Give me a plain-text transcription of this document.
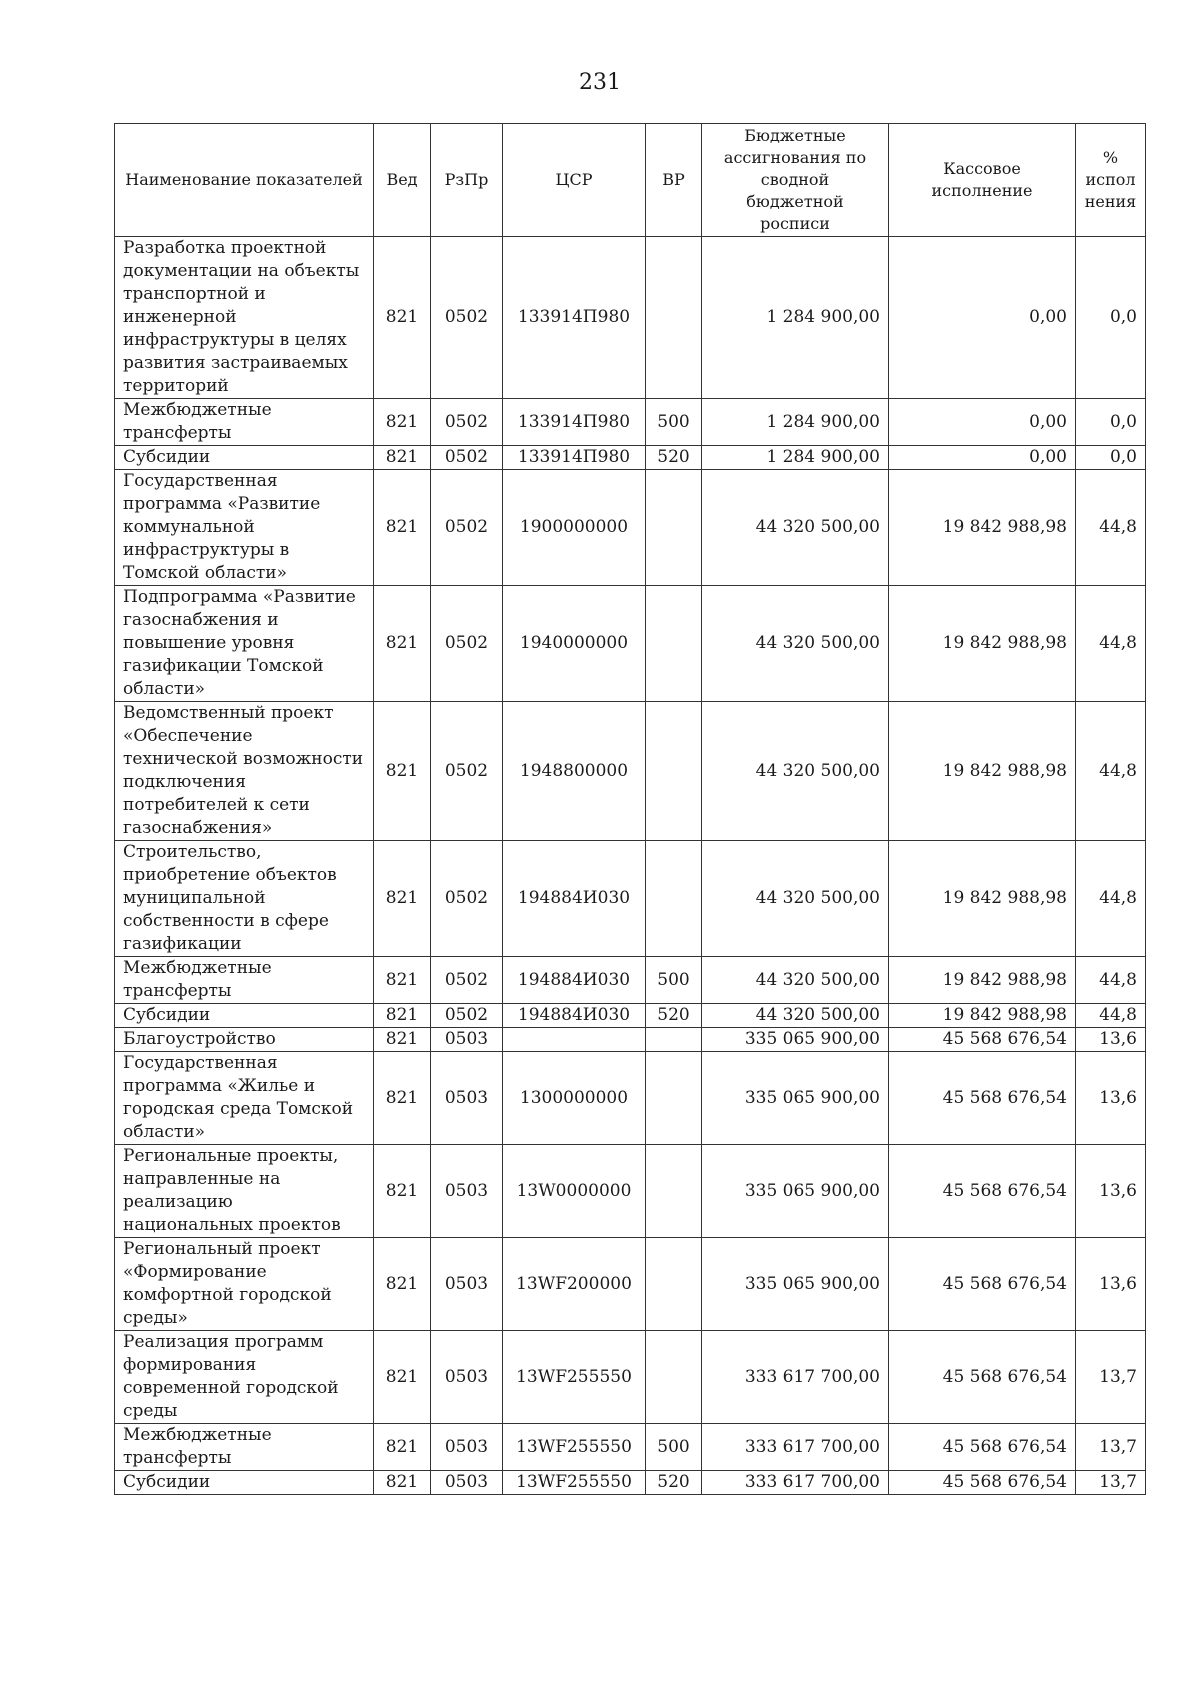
231
Наименование показателей	Вед	РзПр	ЦСР	ВР	Бюджетные ассигнования по сводной бюджетной росписи	Кассовое исполнение	% испол нения
Разработка проектной документации на объекты транспортной и инженерной инфраструктуры в целях развития застраиваемых территорий	821	0502	133914П980		1 284 900,00	0,00	0,0
Межбюджетные трансферты	821	0502	133914П980	500	1 284 900,00	0,00	0,0
Субсидии	821	0502	133914П980	520	1 284 900,00	0,00	0,0
Государственная программа «Развитие коммунальной инфраструктуры в Томской области»	821	0502	1900000000		44 320 500,00	19 842 988,98	44,8
Подпрограмма «Развитие газоснабжения и повышение уровня газификации Томской области»	821	0502	1940000000		44 320 500,00	19 842 988,98	44,8
Ведомственный проект «Обеспечение технической возможности подключения потребителей к сети газоснабжения»	821	0502	1948800000		44 320 500,00	19 842 988,98	44,8
Строительство, приобретение объектов муниципальной собственности в сфере газификации	821	0502	194884И030		44 320 500,00	19 842 988,98	44,8
Межбюджетные трансферты	821	0502	194884И030	500	44 320 500,00	19 842 988,98	44,8
Субсидии	821	0502	194884И030	520	44 320 500,00	19 842 988,98	44,8
Благоустройство	821	0503			335 065 900,00	45 568 676,54	13,6
Государственная программа «Жилье и городская среда Томской области»	821	0503	1300000000		335 065 900,00	45 568 676,54	13,6
Региональные проекты, направленные на реализацию национальных проектов	821	0503	13W0000000		335 065 900,00	45 568 676,54	13,6
Региональный проект «Формирование комфортной городской среды»	821	0503	13WF200000		335 065 900,00	45 568 676,54	13,6
Реализация программ формирования современной городской среды	821	0503	13WF255550		333 617 700,00	45 568 676,54	13,7
Межбюджетные трансферты	821	0503	13WF255550	500	333 617 700,00	45 568 676,54	13,7
Субсидии	821	0503	13WF255550	520	333 617 700,00	45 568 676,54	13,7
